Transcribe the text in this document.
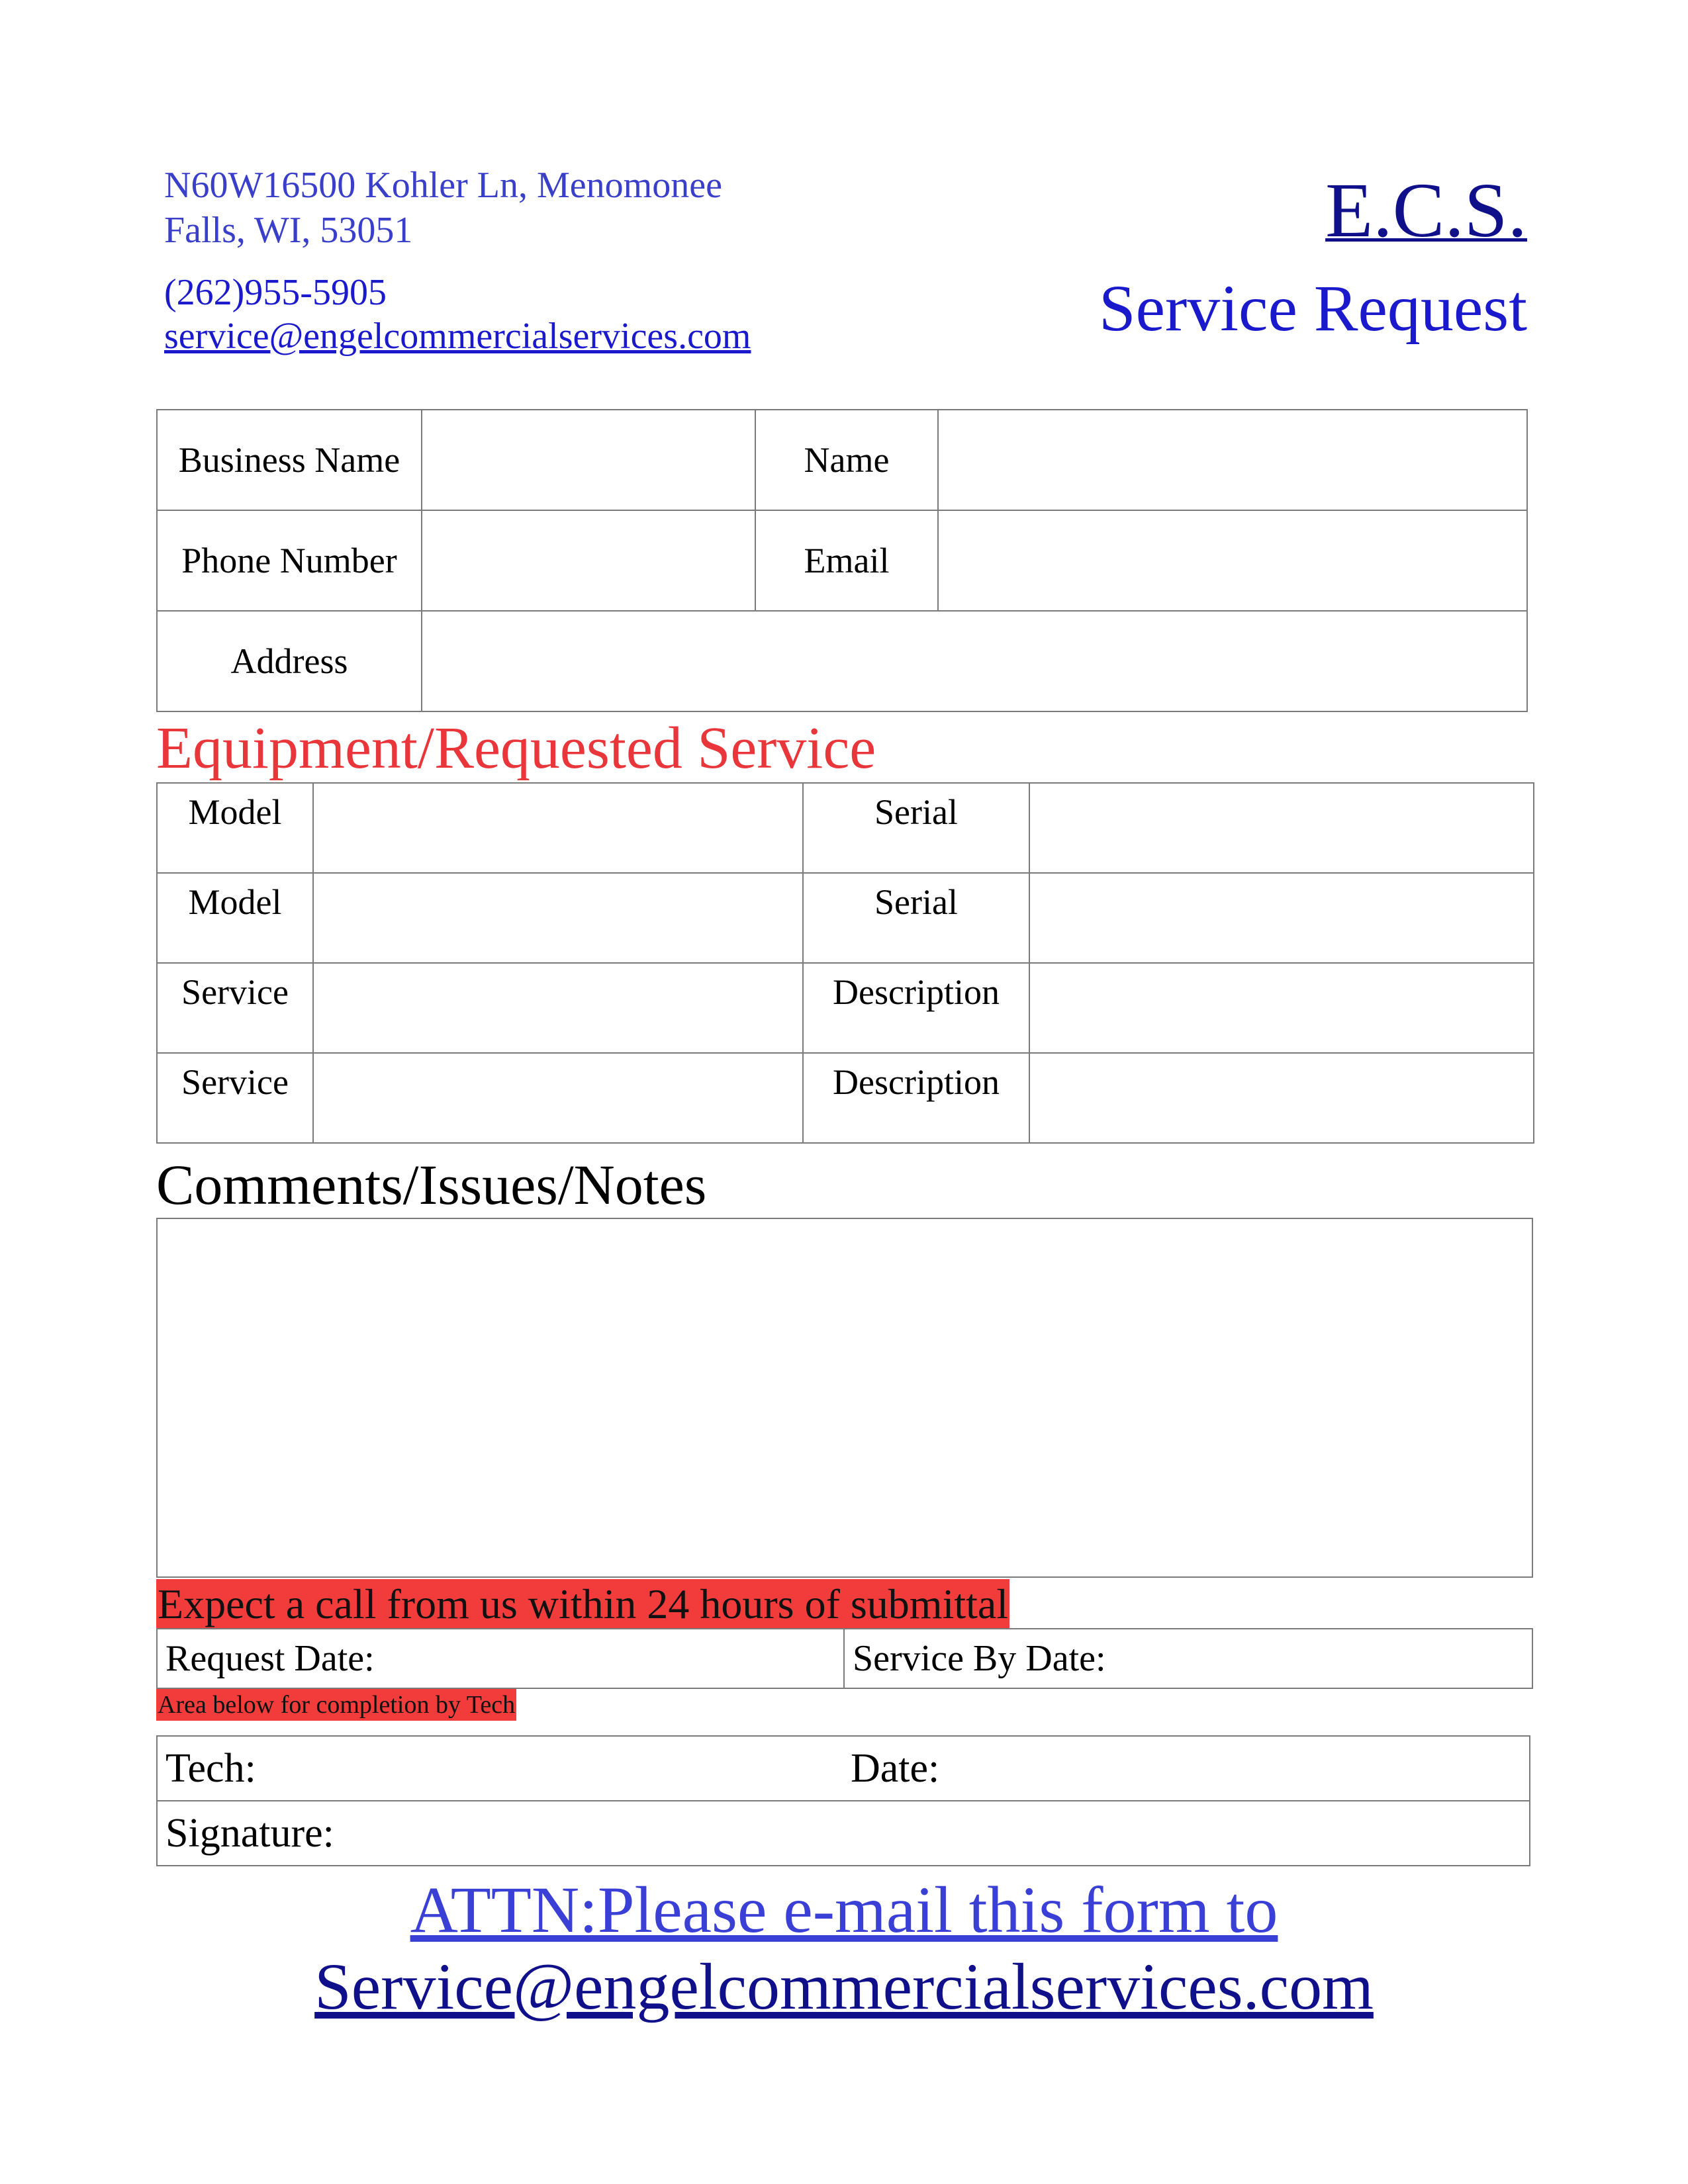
N60W16500 Kohler Ln, Menomonee
Falls, WI, 53051
(262)955-5905
service@engelcommercialservices.com
E.C.S.
Service Request
Business Name		Name	
Phone Number		Email	
Address			
Equipment/Requested Service
Model		Serial	
Model		Serial	
Service		Description	
Service		Description	
Comments/Issues/Notes
Expect a call from us within 24 hours of submittal
Request Date:	Service By Date:
Area below for completion by Tech
Tech:	Date:
Signature:
ATTN:Please e-mail this form to
Service@engelcommercialservices.com
